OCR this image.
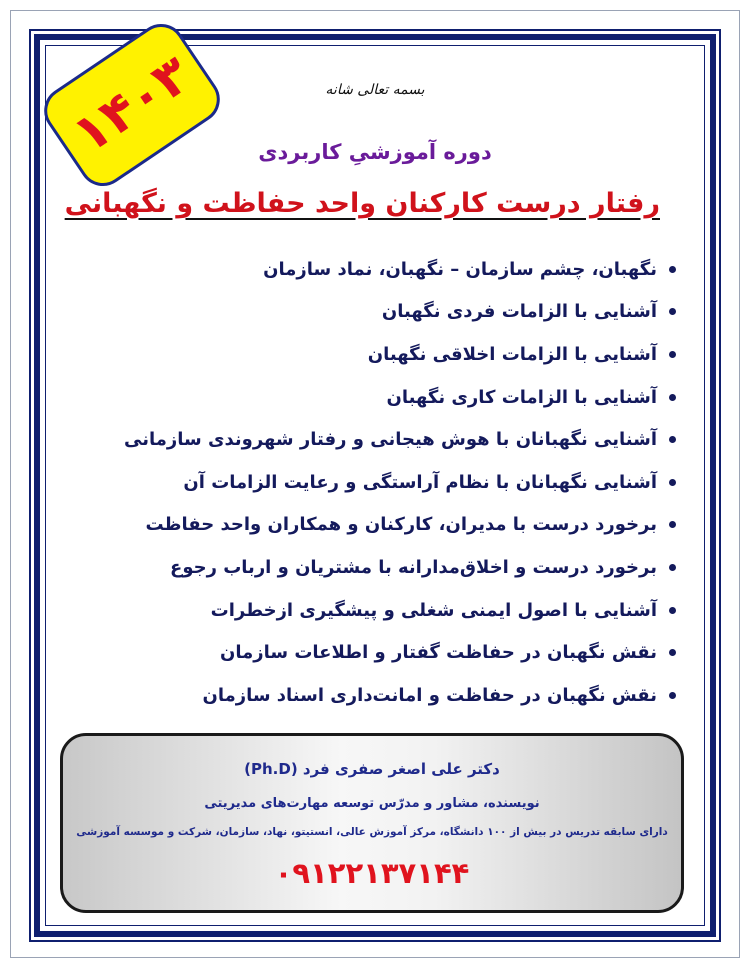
۱۴۰۳	بسمه تعالی شانه
دوره آموزشیِ کاربردی
رفتار درست کارکنان واحد حفاظت و نگهبانی
نگهبان، چشم سازمان – نگهبان، نماد سازمان
آشنایی با الزامات فردی نگهبان
آشنایی با الزامات اخلاقی نگهبان
آشنایی با الزامات کاری نگهبان
آشنایی نگهبانان با هوش هیجانی و رفتار شهروندی سازمانی
آشنایی نگهبانان با نظام آراستگی و رعایت الزامات آن
برخورد درست با مدیران، کارکنان و همکاران واحد حفاظت
برخورد درست و اخلاق‌مدارانه با مشتریان و ارباب رجوع
آشنایی با اصول ایمنی شغلی و پیشگیری ازخطرات
نقش نگهبان در حفاظت گفتار و اطلاعات سازمان
نقش نگهبان در حفاظت و امانت‌داری اسناد سازمان
دکتر علی اصغر صفری فرد (Ph.D)
نویسنده، مشاور و مدرّس توسعه مهارت‌های مدیریتی
دارای سابقه تدریس در بیش از ۱۰۰ دانشگاه، مرکز آموزش عالی، انستیتو، نهاد، سازمان، شرکت و موسسه آموزشی
۰۹۱۲۲۱۳۷۱۴۴
